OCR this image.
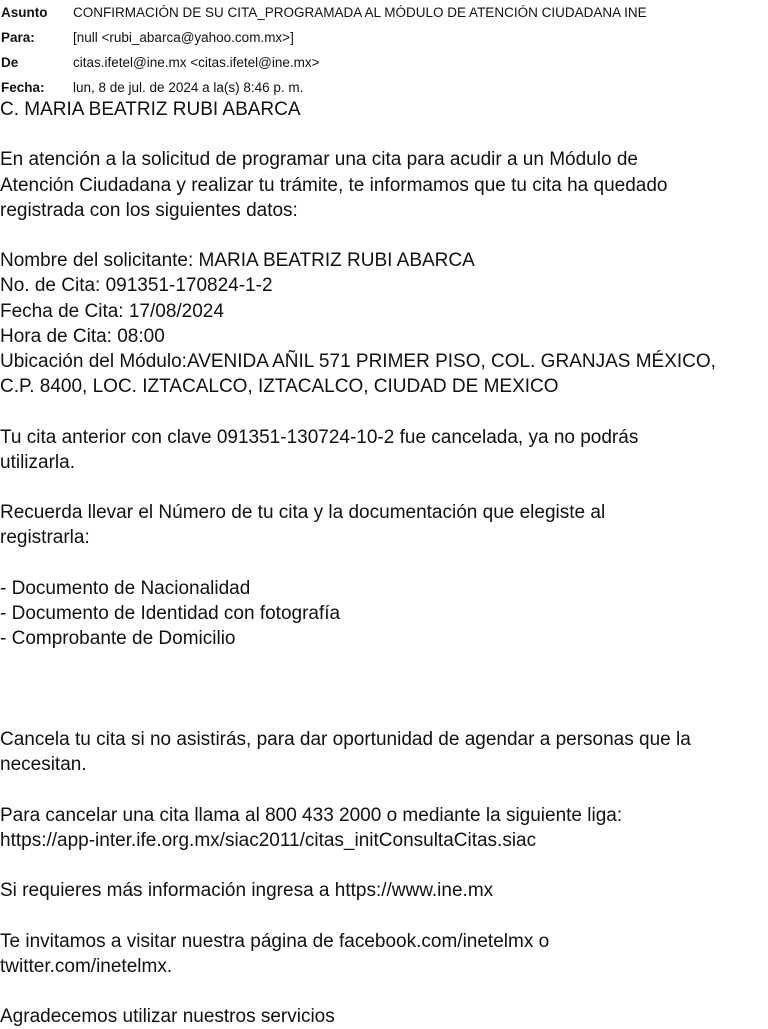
Asunto	CONFIRMACIÓN DE SU CITA_PROGRAMADA AL MÓDULO DE ATENCIÓN CIUDADANA INE
Para:	[null <rubi_abarca@yahoo.com.mx>]
De	citas.ifetel@ine.mx <citas.ifetel@ine.mx>
Fecha:	lun, 8 de jul. de 2024 a la(s) 8:46 p. m.

C. MARIA BEATRIZ RUBI ABARCA

En atención a la solicitud de programar una cita para acudir a un Módulo de

Atención Ciudadana y realizar tu trámite, te informamos que tu cita ha quedado

registrada con los siguientes datos:

Nombre del solicitante: MARIA BEATRIZ RUBI ABARCA

No. de Cita: 091351-170824-1-2

Fecha de Cita: 17/08/2024

Hora de Cita: 08:00

Ubicación del Módulo:AVENIDA AÑIL 571 PRIMER PISO, COL. GRANJAS MÉXICO,

C.P. 8400, LOC. IZTACALCO, IZTACALCO, CIUDAD DE MEXICO

Tu cita anterior con clave 091351-130724-10-2 fue cancelada, ya no podrás

utilizarla.

Recuerda llevar el Número de tu cita y la documentación que elegiste al

registrarla:

- Documento de Nacionalidad

- Documento de Identidad con fotografía

- Comprobante de Domicilio

Cancela tu cita si no asistirás, para dar oportunidad de agendar a personas que la

necesitan.

Para cancelar una cita llama al 800 433 2000 o mediante la siguiente liga:

https://app-inter.ife.org.mx/siac2011/citas_initConsultaCitas.siac

Si requieres más información ingresa a https://www.ine.mx

Te invitamos a visitar nuestra página de facebook.com/inetelmx o

twitter.com/inetelmx.

Agradecemos utilizar nuestros servicios
